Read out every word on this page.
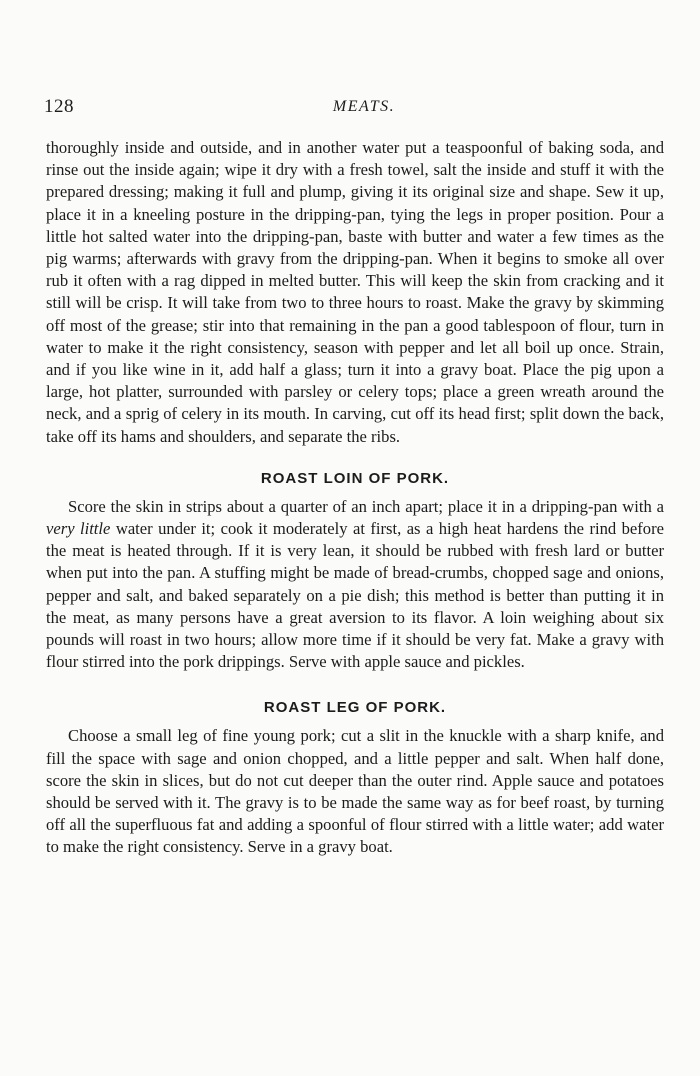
128	MEATS.

thoroughly inside and outside, and in another water put a teaspoonful of baking soda, and rinse out the inside again; wipe it dry with a fresh towel, salt the inside and stuff it with the prepared dressing; making it full and plump, giving it its original size and shape. Sew it up, place it in a kneeling posture in the dripping-pan, tying the legs in proper position. Pour a little hot salted water into the dripping-pan, baste with butter and water a few times as the pig warms; afterwards with gravy from the dripping-pan. When it begins to smoke all over rub it often with a rag dipped in melted butter. This will keep the skin from cracking and it still will be crisp. It will take from two to three hours to roast. Make the gravy by skimming off most of the grease; stir into that remaining in the pan a good tablespoon of flour, turn in water to make it the right consistency, season with pepper and let all boil up once. Strain, and if you like wine in it, add half a glass; turn it into a gravy boat. Place the pig upon a large, hot platter, surrounded with parsley or celery tops; place a green wreath around the neck, and a sprig of celery in its mouth. In carving, cut off its head first; split down the back, take off its hams and shoulders, and separate the ribs.

ROAST LOIN OF PORK.

Score the skin in strips about a quarter of an inch apart; place it in a dripping-pan with a very little water under it; cook it moderately at first, as a high heat hardens the rind before the meat is heated through. If it is very lean, it should be rubbed with fresh lard or butter when put into the pan. A stuffing might be made of bread-crumbs, chopped sage and onions, pepper and salt, and baked separately on a pie dish; this method is better than putting it in the meat, as many persons have a great aversion to its flavor. A loin weighing about six pounds will roast in two hours; allow more time if it should be very fat. Make a gravy with flour stirred into the pork drippings. Serve with apple sauce and pickles.

ROAST LEG OF PORK.

Choose a small leg of fine young pork; cut a slit in the knuckle with a sharp knife, and fill the space with sage and onion chopped, and a little pepper and salt. When half done, score the skin in slices, but do not cut deeper than the outer rind. Apple sauce and potatoes should be served with it. The gravy is to be made the same way as for beef roast, by turning off all the superfluous fat and adding a spoonful of flour stirred with a little water; add water to make the right consistency. Serve in a gravy boat.
